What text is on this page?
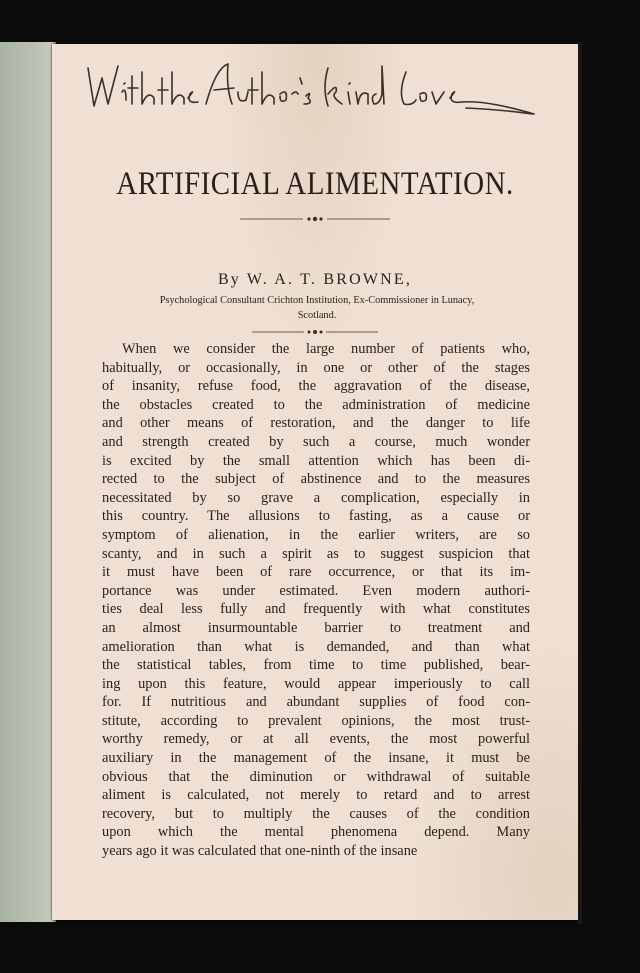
ARTIFICIAL ALIMENTATION.
By W. A. T. BROWNE,
Psychological Consultant Crichton Institution, Ex-Commissioner in Lunacy,
Scotland.
When we consider the large number of patients who,
habitually, or occasionally, in one or other of the stages
of insanity, refuse food, the aggravation of the disease,
the obstacles created to the administration of medicine
and other means of restoration, and the danger to life
and strength created by such a course, much wonder
is excited by the small attention which has been di-
rected to the subject of abstinence and to the measures
necessitated by so grave a complication, especially in
this country. The allusions to fasting, as a cause or
symptom of alienation, in the earlier writers, are so
scanty, and in such a spirit as to suggest suspicion that
it must have been of rare occurrence, or that its im-
portance was under estimated. Even modern authori-
ties deal less fully and frequently with what constitutes
an almost insurmountable barrier to treatment and
amelioration than what is demanded, and than what
the statistical tables, from time to time published, bear-
ing upon this feature, would appear imperiously to call
for. If nutritious and abundant supplies of food con-
stitute, according to prevalent opinions, the most trust-
worthy remedy, or at all events, the most powerful
auxiliary in the management of the insane, it must be
obvious that the diminution or withdrawal of suitable
aliment is calculated, not merely to retard and to arrest
recovery, but to multiply the causes of the condition
upon which the mental phenomena depend. Many
years ago it was calculated that one-ninth of the insane
